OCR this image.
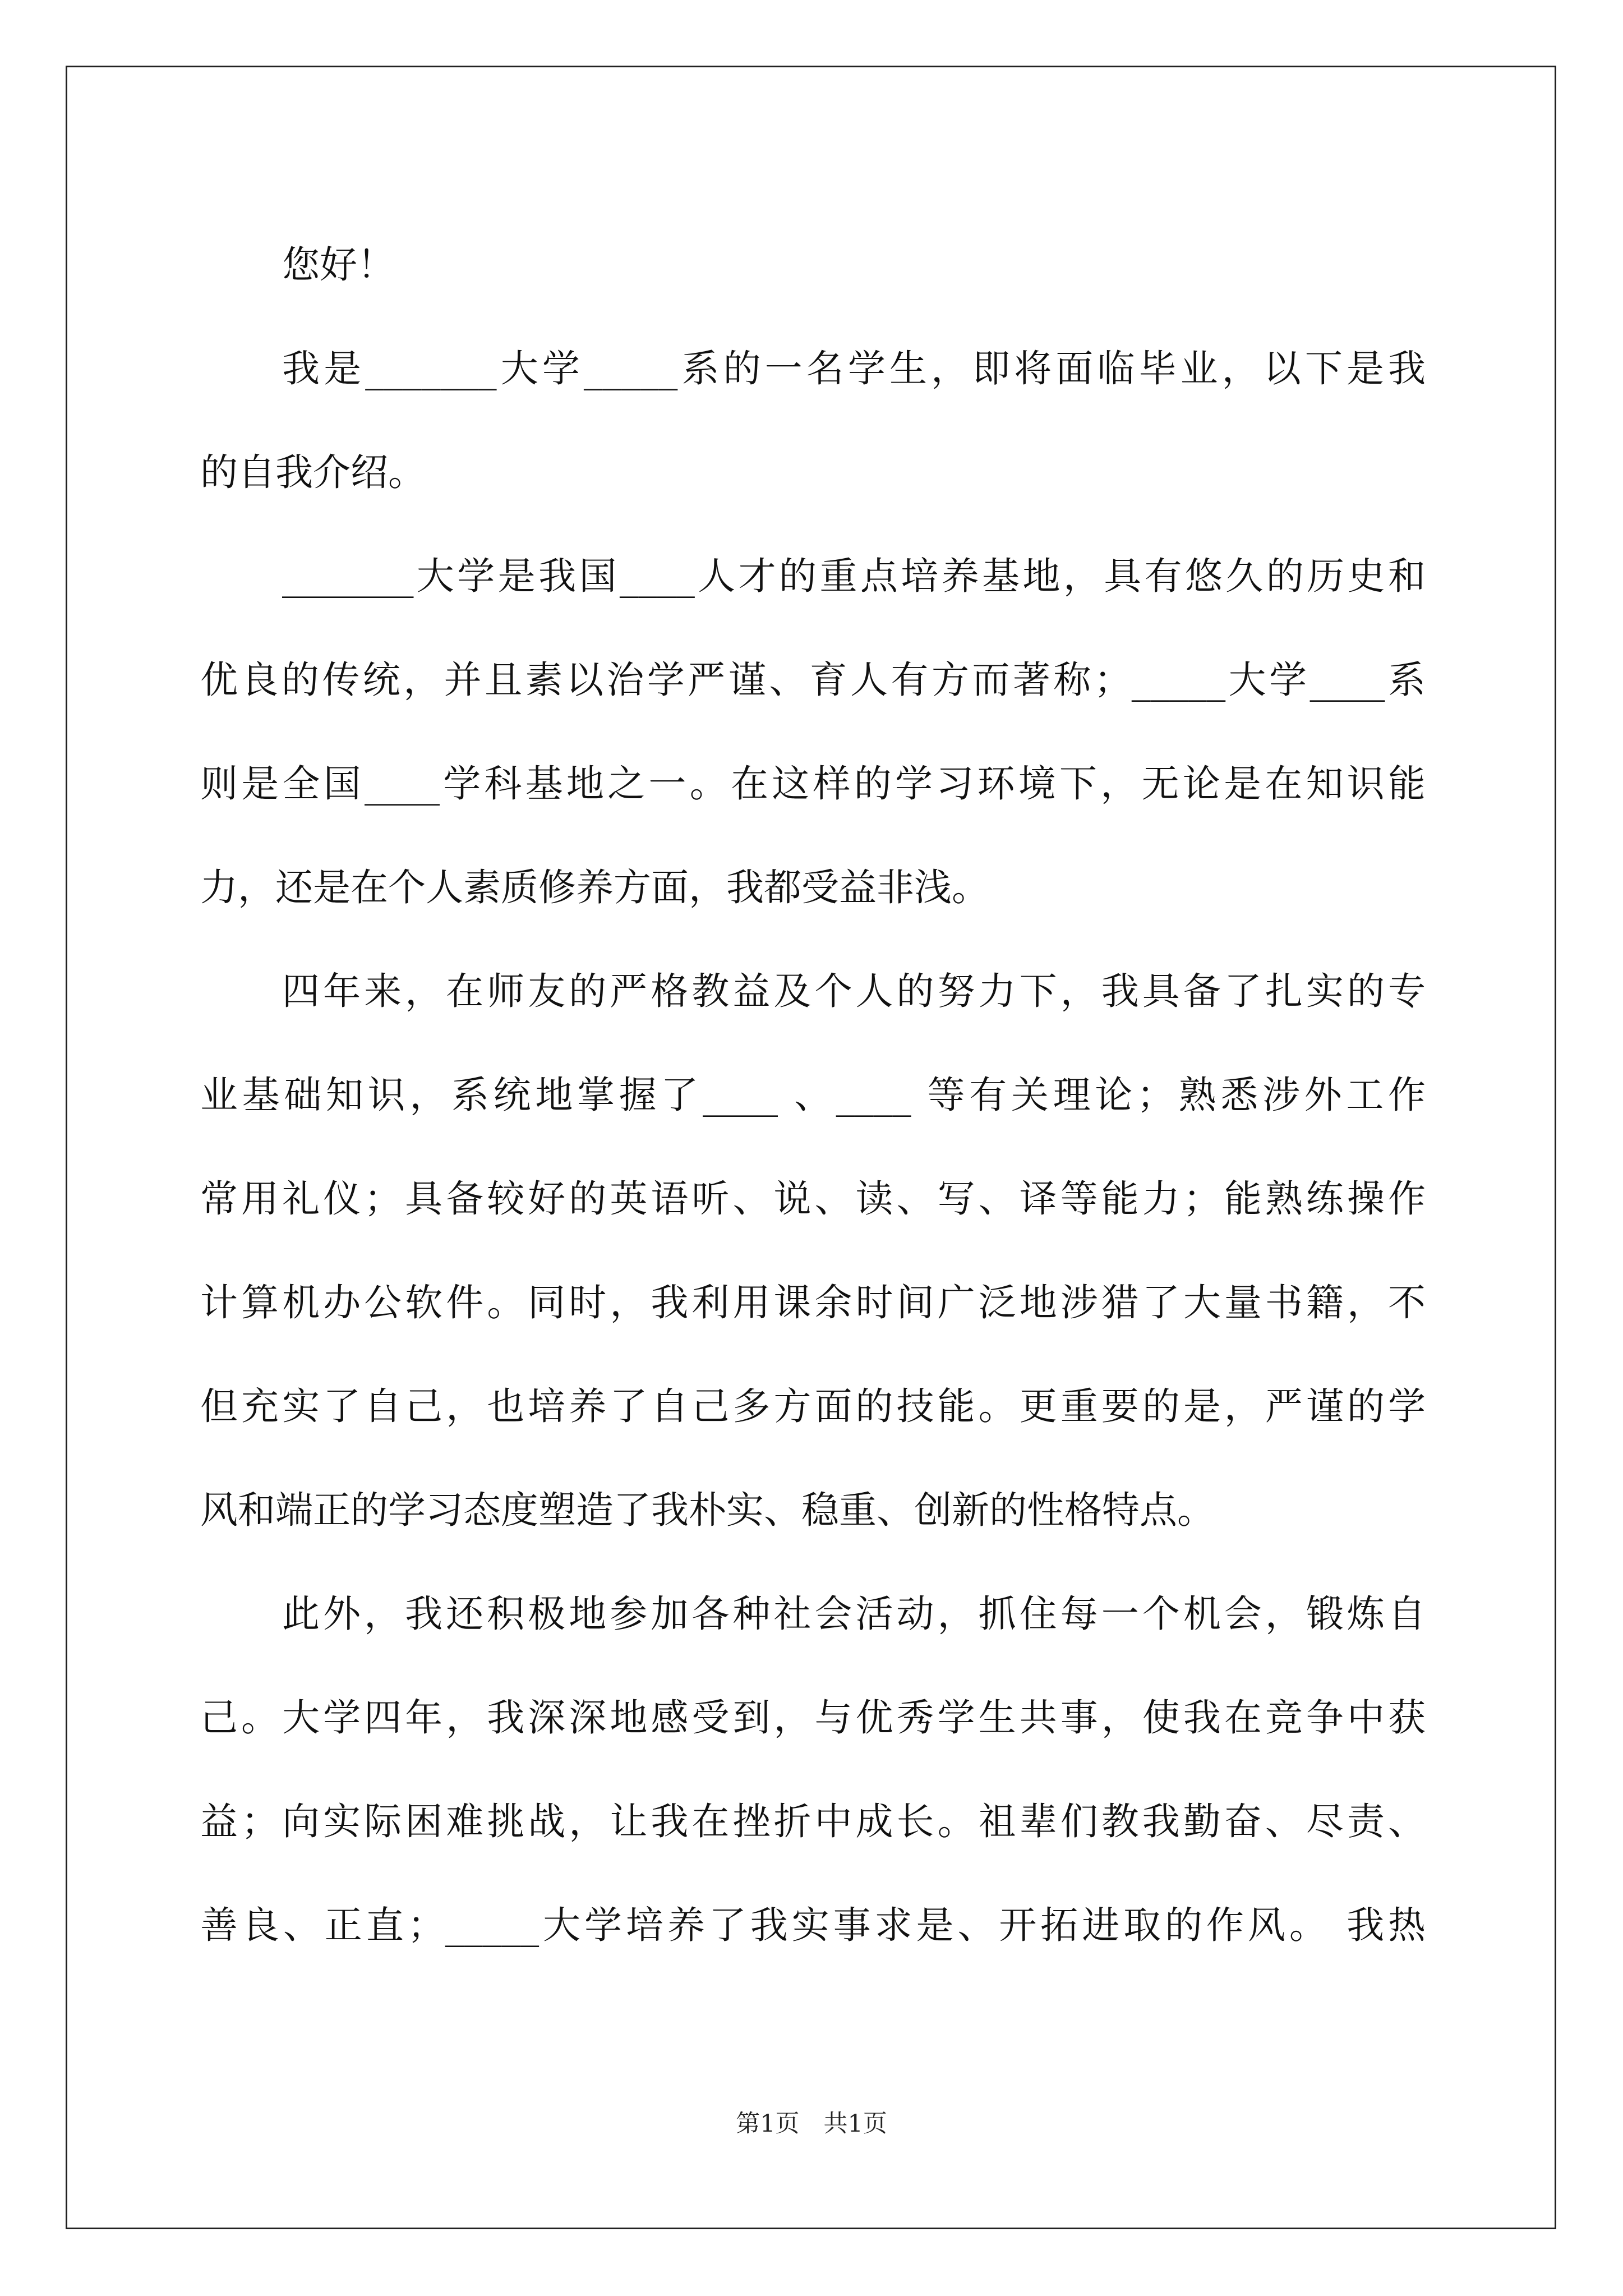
您好！
我是_______大学_____系的一名学生，即将面临毕业，以下是我
的自我介绍。
_______大学是我国____人才的重点培养基地，具有悠久的历史和
优良的传统，并且素以治学严谨、育人有方而著称；_____大学____系
则是全国____学科基地之一。在这样的学习环境下，无论是在知识能
力，还是在个人素质修养方面，我都受益非浅。
四年来，在师友的严格教益及个人的努力下，我具备了扎实的专
业基础知识，系统地掌握了____ 、____ 等有关理论；熟悉涉外工作
常用礼仪；具备较好的英语听、说、读、写、译等能力；能熟练操作
计算机办公软件。同时，我利用课余时间广泛地涉猎了大量书籍，不
但充实了自己，也培养了自己多方面的技能。更重要的是，严谨的学
风和端正的学习态度塑造了我朴实、稳重、创新的性格特点。
此外，我还积极地参加各种社会活动，抓住每一个机会，锻炼自
己。大学四年，我深深地感受到，与优秀学生共事，使我在竞争中获
益；向实际困难挑战，让我在挫折中成长。祖辈们教我勤奋、尽责、
善良、正直；_____大学培养了我实事求是、开拓进取的作风。 我热
第1页　共1页
